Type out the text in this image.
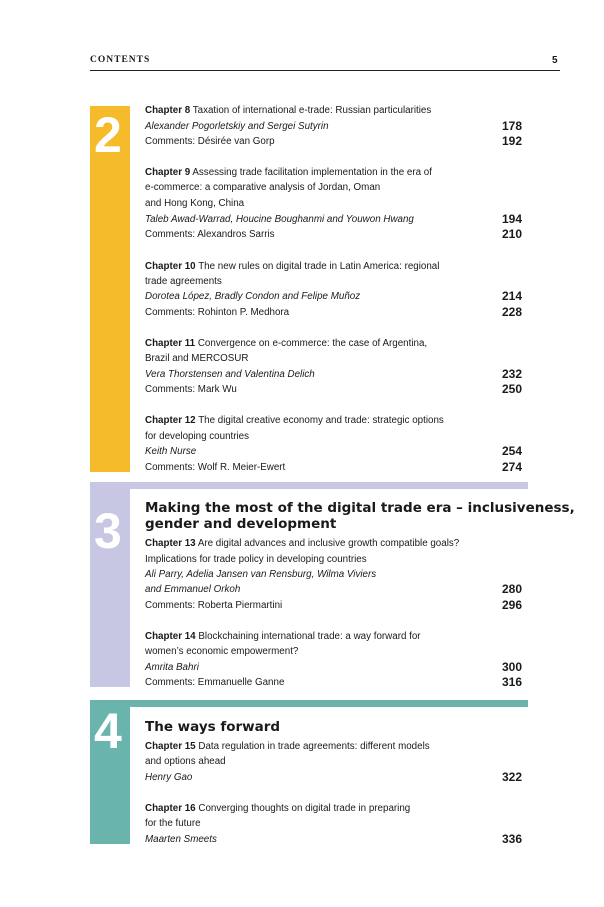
CONTENTS	5
2
3 Making the most of the digital trade era – inclusiveness,
gender and development
4 The ways forward
Chapter 8 Taxation of international e-trade: Russian particularities
Alexander Pogorletskiy and Sergei Sutyrin	178
Comments: Désirée van Gorp	192
Chapter 9 Assessing trade facilitation implementation in the era of
e-commerce: a comparative analysis of Jordan, Oman
and Hong Kong, China
Taleb Awad-Warrad, Houcine Boughanmi and Youwon Hwang	194
Comments: Alexandros Sarris	210
Chapter 10 The new rules on digital trade in Latin America: regional
trade agreements
Dorotea López, Bradly Condon and Felipe Muñoz	214
Comments: Rohinton P. Medhora	228
Chapter 11 Convergence on e-commerce: the case of Argentina,
Brazil and MERCOSUR
Vera Thorstensen and Valentina Delich	232
Comments: Mark Wu	250
Chapter 12 The digital creative economy and trade: strategic options
for developing countries
Keith Nurse	254
Comments: Wolf R. Meier-Ewert	274
Chapter 13 Are digital advances and inclusive growth compatible goals?
Implications for trade policy in developing countries
Ali Parry, Adelia Jansen van Rensburg, Wilma Viviers
and Emmanuel Orkoh	280
Comments: Roberta Piermartini	296
Chapter 14 Blockchaining international trade: a way forward for
women’s economic empowerment?
Amrita Bahri	300
Comments: Emmanuelle Ganne	316
Chapter 15 Data regulation in trade agreements: different models
and options ahead
Henry Gao	322
Chapter 16 Converging thoughts on digital trade in preparing
for the future
Maarten Smeets	336
